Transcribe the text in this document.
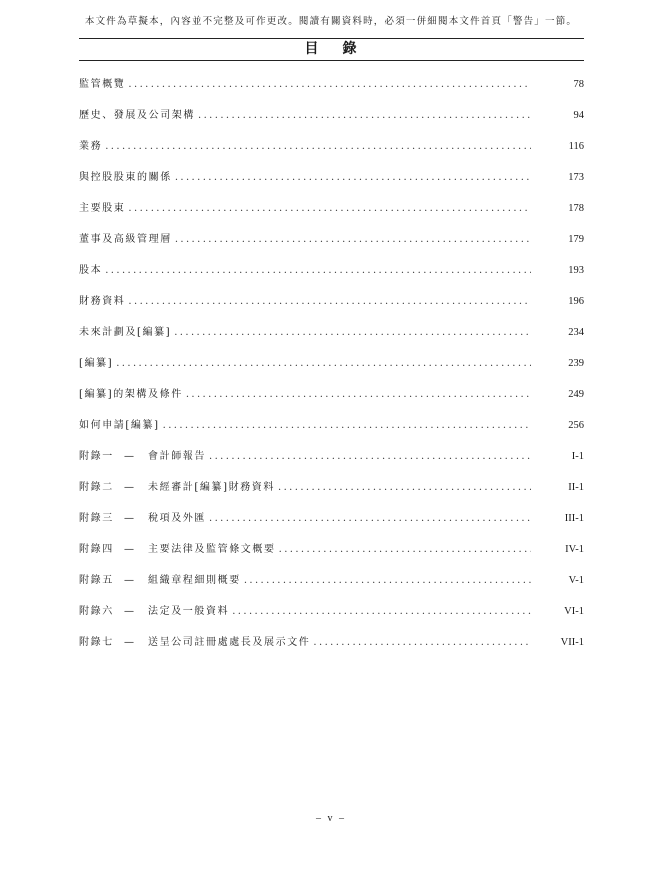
本文件為草擬本，內容並不完整及可作更改。閱讀有關資料時，必須一併細閱本文件首頁「警告」一節。
目 錄
監管概覽 .....	78
歷史、發展及公司架構 .....	94
業務 .....	116
與控股股東的關係 .....	173
主要股東 .....	178
董事及高級管理層 .....	179
股本 .....	193
財務資料 .....	196
未來計劃及[編纂] .....	234
[編纂] .....	239
[編纂]的架構及條件 .....	249
如何申請[編纂] .....	256
附錄一	—	會計師報告 .....	I-1
附錄二	—	未經審計[編纂]財務資料 .....	II-1
附錄三	—	稅項及外匯 .....	III-1
附錄四	—	主要法律及監管條文概要 .....	IV-1
附錄五	—	組織章程細則概要 .....	V-1
附錄六	—	法定及一般資料 .....	VI-1
附錄七	—	送呈公司註冊處處長及展示文件 .....	VII-1
– v –
